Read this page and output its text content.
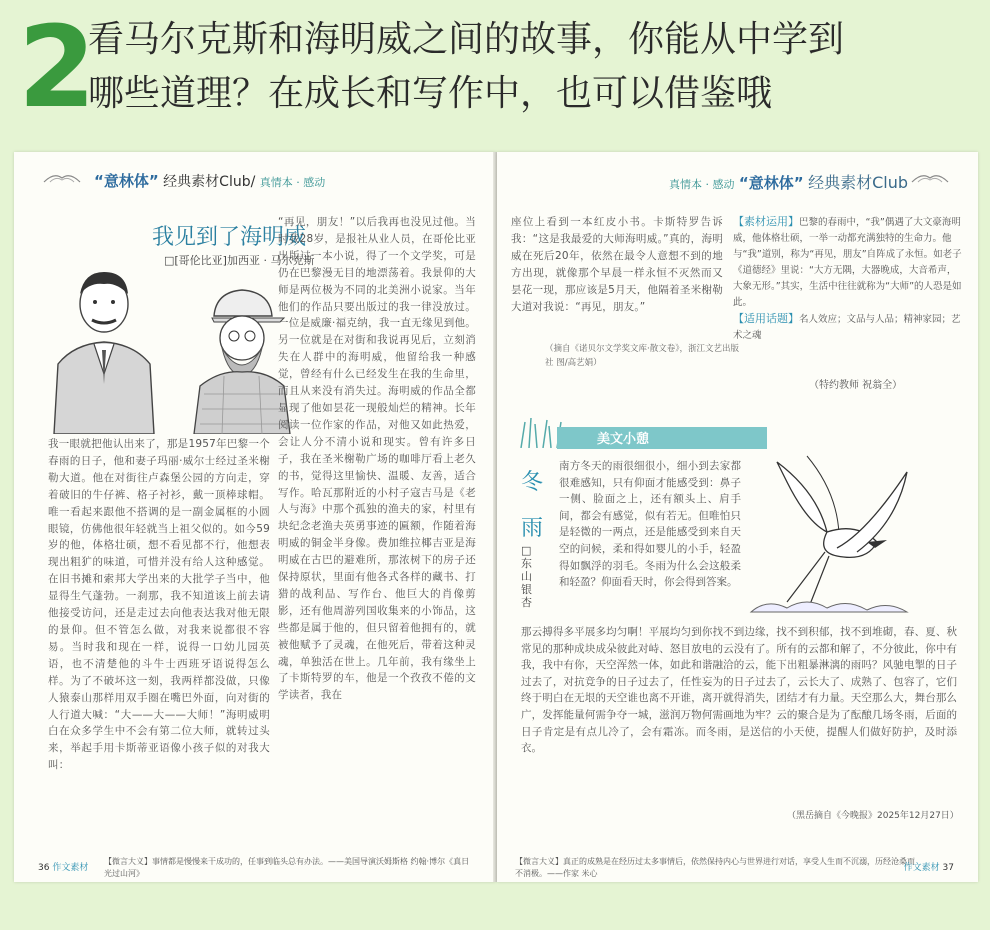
2
看马尔克斯和海明威之间的故事，你能从中学到
哪些道理？在成长和写作中，也可以借鉴哦
“意林体” 经典素材Club/ 真情本 · 感动
我见到了海明威
□[哥伦比亚]加西亚 · 马尔克斯
我一眼就把他认出来了，那是1957年巴黎一个春雨的日子，他和妻子玛丽·威尔士经过圣米榭勒大道。他在对街往卢森堡公园的方向走，穿着破旧的牛仔裤、格子衬衫，戴一顶棒球帽。唯一看起来跟他不搭调的是一副金属框的小圆眼镜，仿佛他很年轻就当上祖父似的。如今59岁的他，体格壮硕，想不看见都不行，他想表现出粗犷的味道，可惜并没有给人这种感觉。在旧书摊和索邦大学出来的大批学子当中，他显得生气蓬勃。一刹那，我不知道该上前去请他接受访问，还是走过去向他表达我对他无限的景仰。但不管怎么做，对我来说都很不容易。当时我和现在一样，说得一口幼儿园英语，也不清楚他的斗牛士西班牙语说得怎么样。为了不破坏这一刻，我两样都没做，只像人猿泰山那样用双手圈在嘴巴外面，向对街的人行道大喊：“大——大——大师！”海明威明白在众多学生中不会有第二位大师，就转过头来，举起手用卡斯蒂亚语像小孩子似的对我大叫：
“再见，朋友！”以后我再也没见过他。当时我28岁，是报社从业人员，在哥伦比亚出版过一本小说，得了一个文学奖，可是仍在巴黎漫无目的地漂荡着。我景仰的大师是两位极为不同的北美洲小说家。当年他们的作品只要出版过的我一律没放过。一位是威廉·福克纳，我一直无缘见到他。另一位就是在对街和我说再见后，立刻消失在人群中的海明威，他留给我一种感觉，曾经有什么已经发生在我的生命里，而且从来没有消失过。海明威的作品全都显现了他如昙花一现般灿烂的精神。长年阅读一位作家的作品，对他又如此热爱，会让人分不清小说和现实。曾有许多日子，我在圣米榭勒广场的咖啡厅看上老久的书，觉得这里愉快、温暖、友善，适合写作。哈瓦那附近的小村子寇吉马是《老人与海》中那个孤独的渔夫的家，村里有块纪念老渔夫英勇事迹的匾额，作随着海明威的铜金半身像。费加维拉椰吉亚是海明威在古巴的避难所，那浓树下的房子还保持原状，里面有他各式各样的藏书、打猎的战利品、写作台、他巨大的肖像剪影，还有他周游列国收集来的小饰品，这些都是属于他的，但只留着他拥有的，就被他赋予了灵魂，在他死后，带着这种灵魂，单独活在世上。几年前，我有缘坐上了卡斯特罗的车，他是一个孜孜不倦的文学读者，我在
36 作文素材
【微言大义】事情都是慢慢来干成功的，任事到临头总有办法。——美国导演沃姆斯格 约翰·博尔《真日光过山河》
真情本 · 感动 “意林体” 经典素材Club
座位上看到一本红皮小书。卡斯特罗告诉我：“这是我最爱的大师海明威。”真的，海明威在死后20年，依然在最令人意想不到的地方出现，就像那个早晨一样永恒不灭然而又昙花一现，那应该是5月天，他隔着圣米榭勒大道对我说：“再见，朋友。”
（摘自《诺贝尔文学奖文库·散文卷》，浙江文艺出版社 图/高艺娟）
【素材运用】巴黎的春雨中，“我”偶遇了大文豪海明威，他体格壮硕，一举一动都充满独特的生命力。他与“我”道别，称为“再见，朋友”自阵成了永恒。如老子《道德经》里说：“大方无隅，大器晚成，大音希声，大象无形。”其实，生活中往往就称为“大师”的人恐是如此。
【适用话题】名人效应；文品与人品；精神家园；艺术之魂
（特约教师 祝翁全）
美文小憩
冬雨
□东山银杏
南方冬天的雨很细很小，细小到去家都很难感知，只有仰面才能感受到：鼻子一侧、脸面之上，还有额头上、肩手间，都会有感觉，似有若无。但唯怕只是轻微的一两点，还是能感受到来自天空的问候，柔和得如婴儿的小手，轻盈得如飘浮的羽毛。冬雨为什么会这般柔和轻盈？仰面看天时，你会得到答案。
那云搏得多平展多均匀啊！平展均匀到你找不到边缘，找不到积郁，找不到堆砌，春、夏、秋常见的那种成块成朵彼此对峙、怒目放电的云没有了。所有的云都和解了，不分彼此，你中有我，我中有你，天空浑然一体，如此和谐融洽的云，能下出粗暴淋漓的雨吗？风驰电掣的日子过去了，对抗竞争的日子过去了，任性妄为的日子过去了，云长大了、成熟了、包容了，它们终于明白在无垠的天空谁也离不开谁，离开就得消失，团结才有力量。天空那么大，舞台那么广，发挥能量何需争夺一城，滋润万物何需画地为牢？云的聚合是为了酝酿几场冬雨，后面的日子肯定是有点儿冷了，会有霜冻。而冬雨，是送信的小天使，提醒人们做好防护，及时添衣。
（黑岳摘自《今晚报》2025年12月27日）
【微言大义】真正的成熟是在经历过太多事情后，依然保持内心与世界进行对话，享受人生而不沉溺，历经沧桑而不消极。——作家 米心
作文素材 37
